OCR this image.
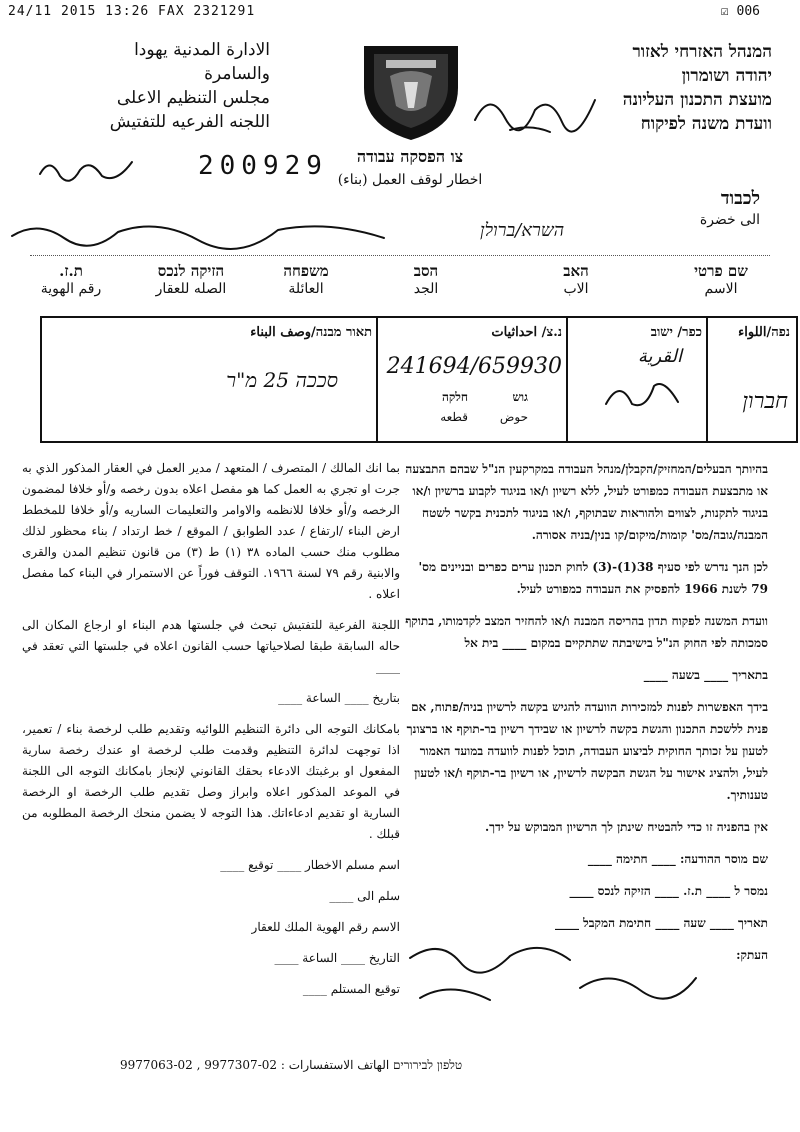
24/11 2015 13:26 FAX 2321291	☑ 006
המנהל האזרחי לאזור
יהודה ושומרון
מועצת התכנון העליונה
וועדת משנה לפיקוח
الادارة المدنية يهودا
والسامرة
مجلس التنظيم الاعلى
اللجنه الفرعيه للتفتيش
צו הפסקה עבודה
اخطار لوقف العمل (بناء)
200929
לכבוד
الى خضرة
השרא/ברולן
שם פרטי
الاسم
האב
الاب
הסב
الجد
משפחה
العائلة
הזיקה לנכס
الصله للعقار
ת.ז.
رقم الهوية
נפה/اللواء
חברון
כפר/ ישוב
القرية
נ.צ/ احداثيات
241694/659930
גוש
חלקה
حوض
قطعه
תאור מבנה/وصف البناء
סככה 25 מ"ר

בהיותך הבעלים/המחזיק/הקבלן/מנהל העבודה במקרקעין הנ"ל שבהם התבצעה או מתבצעת העבודה כמפורט לעיל, ללא רשיון ו/או בניגוד לקבוע ברשיון ו/או בניגוד לתקנות, לצווים ולהוראות שבתוקף, ו/או בניגוד לתכנית בקשר לשטח המבנה/גובה/מס' קומות/מיקום/קו בנין/בניה אסורה.

לכן הנך נדרש לפי סעיף 38(1)-(3) לחוק תכנון ערים כפרים ובניינים מס' 79 לשנת 1966 להפסיק את העבודה כמפורט לעיל.

וועדת המשנה לפקוח תדון בהריסה המבנה ו/או להחזיר המצב לקדמותו, בתוקף סמכותה לפי החוק הנ"ל בישיבתה שתתקיים במקום ____ בית אל

בתאריך ____ בשעה ____

בידך האפשרות לפנות למזכירות הוועדה להגיש בקשה לרשיון בניה/פתוח, אם פנית ללשכת התכנון והגשת בקשה לרשיון או שבידך רשיון בר-תוקף או ברצונך לטעון על זכותך החוקית לביצוע העבודה, תוכל לפנות לוועדה במועד האמור לעיל, ולהציג אישור על הגשת הבקשה לרשיון, או רשיון בר-תוקף ו/או לטעון טענותיך.

אין בהפניה זו כדי להבטיח שינתן לך הרשיון המבוקש על ידך.

שם מוסר ההודעה: ____ חתימה ____

נמסר ל ____ ת.ז. ____ הזיקה לנכס ____

תאריך ____ שעה ____ חתימת המקבל ____

העתק:

بما انك المالك / المتصرف / المتعهد / مدير العمل في العقار المذكور الذي به جرت او تجري به العمل كما هو مفصل اعلاه بدون رخصه و/أو خلافا لمضمون الرخصه و/أو خلافا للانظمه والاوامر والتعليمات الساريه و/أو خلافا للمخطط ارض البناء /ارتفاع / عدد الطوابق / الموقع / خط ارتداد / بناء محظور لذلك مطلوب منك حسب الماده ٣٨ (١) ط (٣) من قانون تنظيم المدن والقرى والابنية رقم ٧٩ لسنة ١٩٦٦. التوقف فوراً عن الاستمرار في البناء كما مفصل اعلاه .

اللجنة الفرعية للتفتيش تبحث في جلستها هدم البناء او ارجاع المكان الى حاله السابقة طبقا لصلاحياتها حسب القانون اعلاه في جلستها التي تعقد في ____

بتاريخ ____ الساعة ____

بامكانك التوجه الى دائرة التنظيم اللوائيه وتقديم طلب لرخصة بناء / تعمير، اذا توجهت لدائرة التنظيم وقدمت طلب لرخصة او عندك رخصة سارية المفعول او برغبتك الادعاء بحقك القانوني لإنجاز بامكانك التوجه الى اللجنة في الموعد المذكور اعلاه وابراز وصل تقديم طلب الرخصة او الرخصة السارية او تقديم ادعاءاتك. هذا التوجه لا يضمن منحك الرخصة المطلوبه من قبلك .

اسم مسلم الاخطار ____ توقيع ____

سلم الى ____

الاسم رقم الهوية الملك للعقار

التاريخ ____ الساعة ____

توقيع المستلم ____

טלפון לבירורים الهاتف الاستفسارات : 02-9977307 , 02-9977063
